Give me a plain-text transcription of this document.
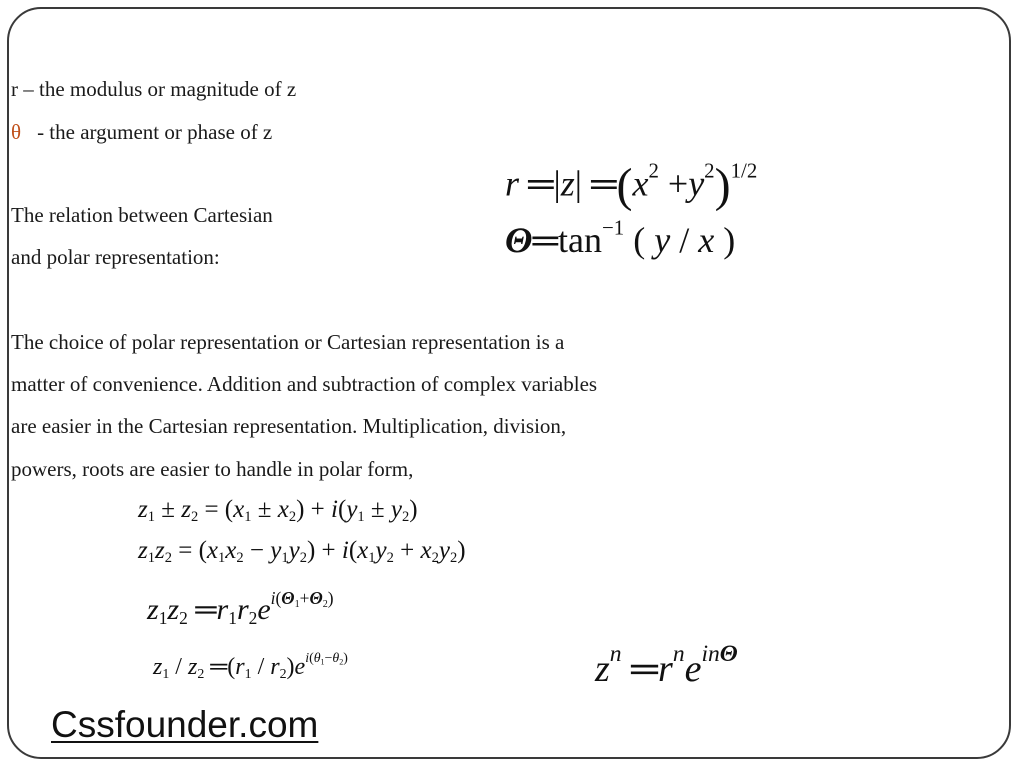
r – the modulus or magnitude of z
θ - the argument or phase of z
The relation between Cartesian
and polar representation:
The choice of polar representation or Cartesian representation is a
matter of convenience. Addition and subtraction of complex variables
are easier in the Cartesian representation. Multiplication, division,
powers, roots are easier to handle in polar form,
r ═|z| $═(x^2 +y^2)^{1/2}$
$\Theta═\tan^{-1}$ ( y / x )
$z_1 \pm z_2 = (x_1 \pm x_2) + i(y_1 \pm y_2)$
$z_1z_2 = (x_1x_2 - y_1y_2) + i(x_1y_2 + x_2y_2)$
$z_1z_2$ $═r_1r_2e^{i(\Theta_1+\Theta_2)}$
$z_1 / z_2$ $═(r_1 / r_2)e^{i(\theta_1-\theta_2)}$	$z^n$ $═r^ne^{in\Theta}$
Cssfounder.com
